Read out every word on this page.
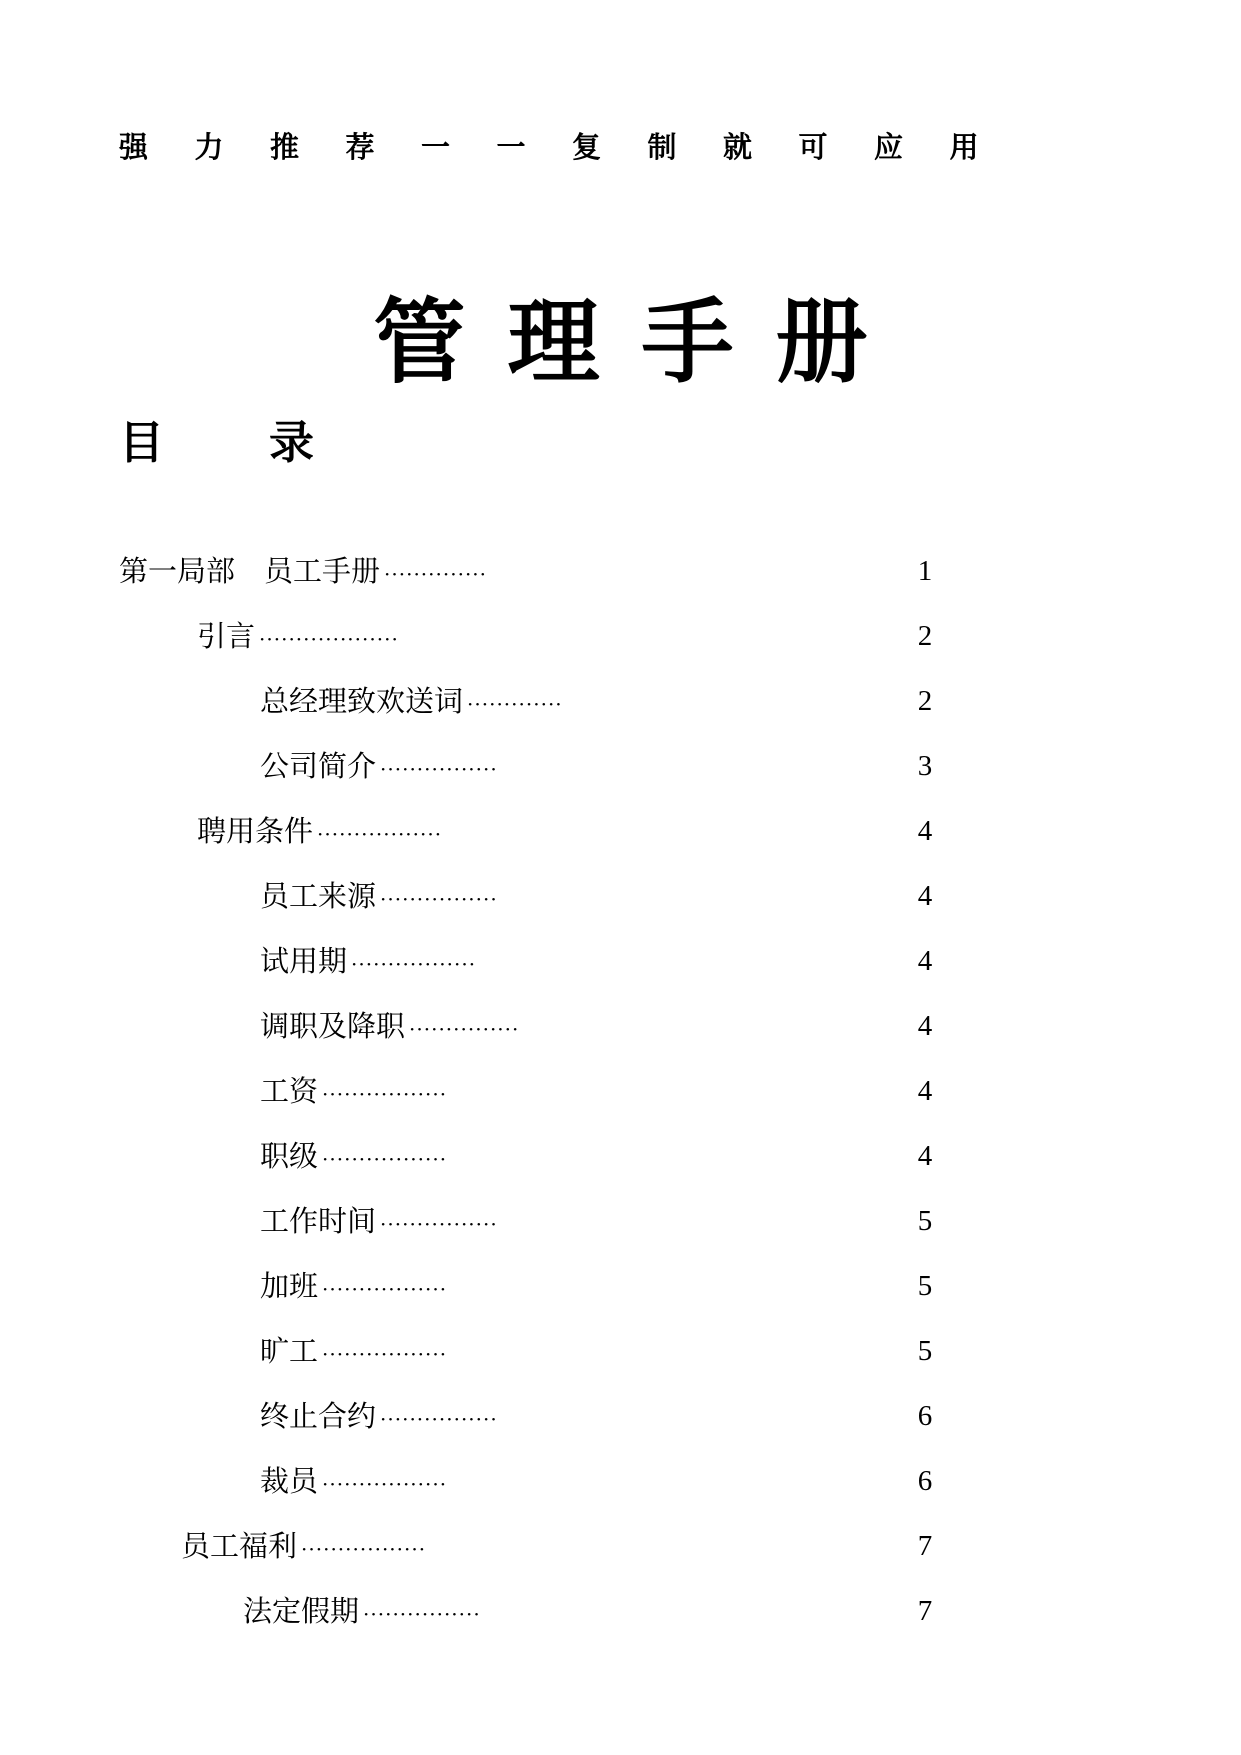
强	力	推	荐	一	一	复	制	就	可	应	用
管理手册
目录
第一局部　员工手册 ··············	1
引言 ···················	2
总经理致欢送词 ·············	2
公司简介 ················	3
聘用条件 ·················	4
员工来源 ················	4
试用期 ·················	4
调职及降职 ···············	4
工资 ·················	4
职级 ·················	4
工作时间 ················	5
加班 ·················	5
旷工 ·················	5
终止合约 ················	6
裁员 ·················	6
员工福利 ·················	7
法定假期 ················	7
